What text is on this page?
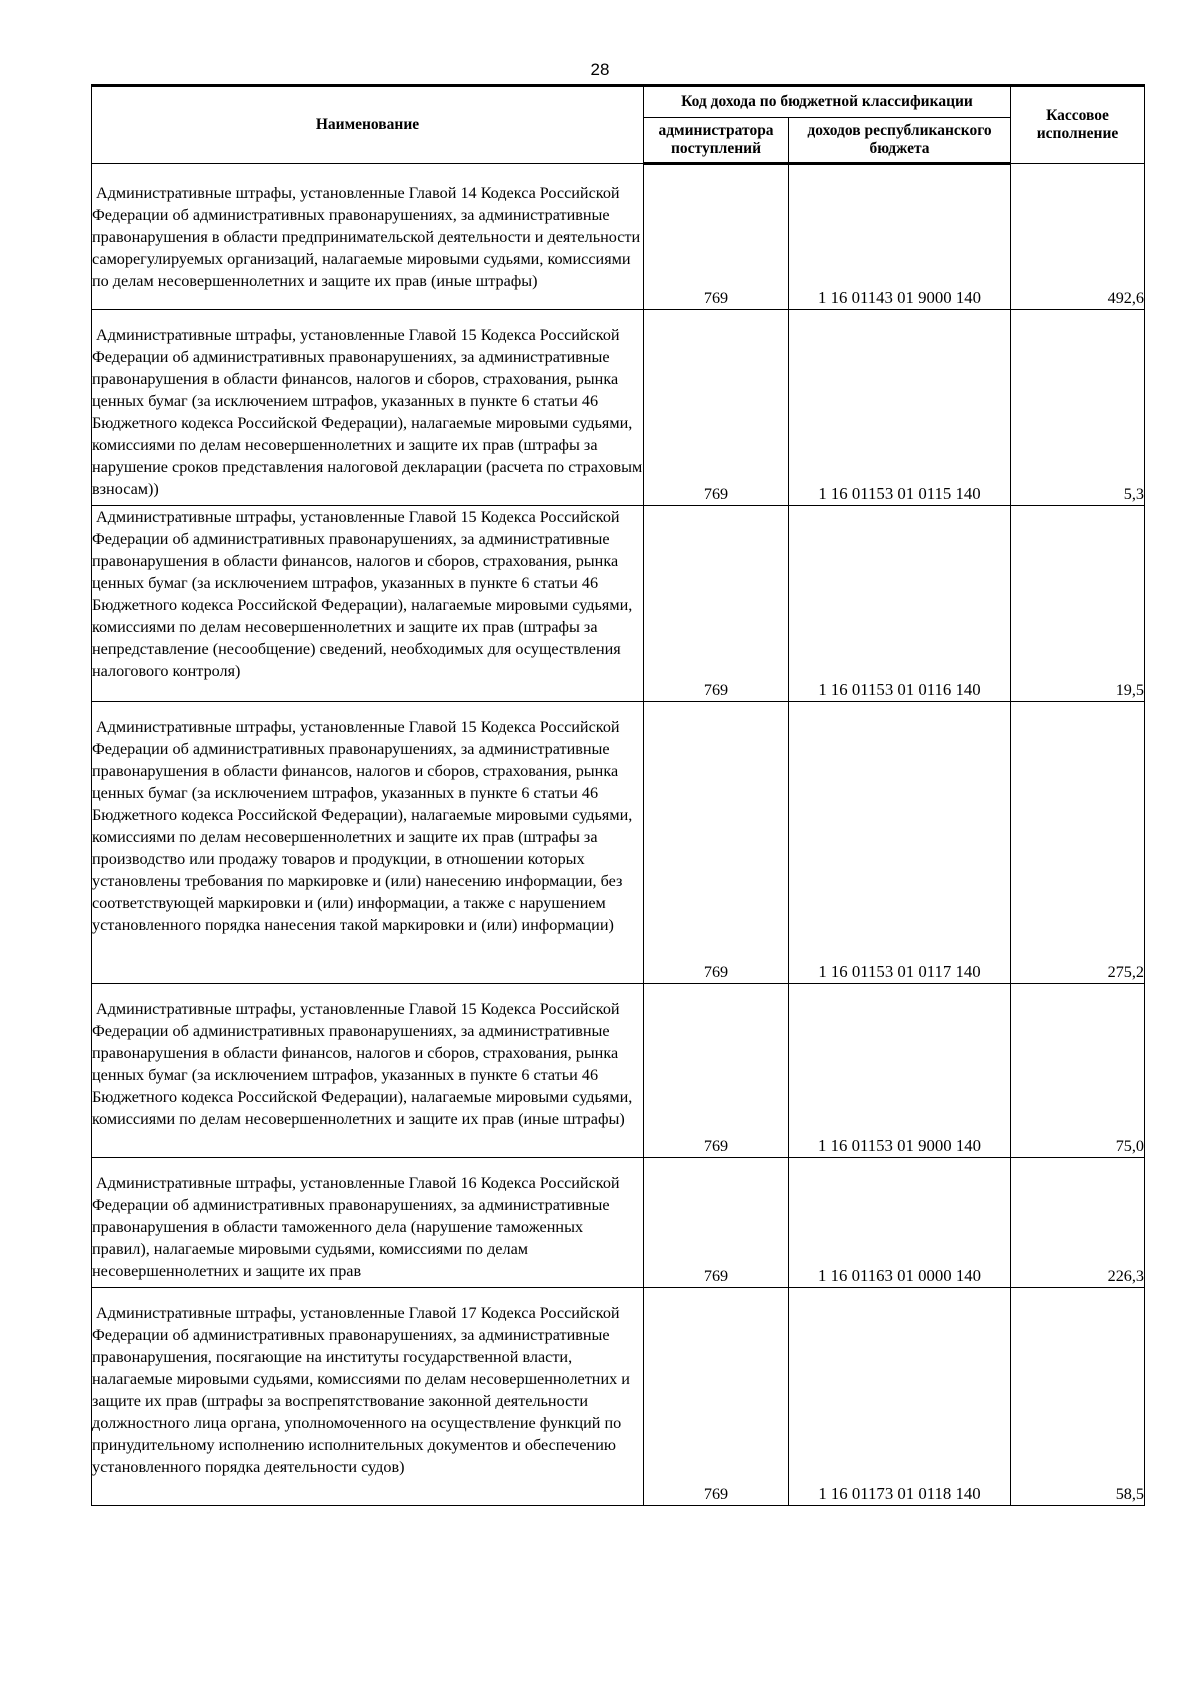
28
Наименование	Код дохода по бюджетной классификации		Кассовое исполнение
	администратора поступлений	доходов республиканского бюджета	
Административные штрафы, установленные Главой 14 Кодекса Российской Федерации об административных правонарушениях, за административные правонарушения в области предпринимательской деятельности и деятельности саморегулируемых организаций, налагаемые мировыми судьями, комиссиями по делам несовершеннолетних и защите их прав (иные штрафы)	769	1 16 01143 01 9000 140	492,6
Административные штрафы, установленные Главой 15 Кодекса Российской Федерации об административных правонарушениях, за административные правонарушения в области финансов, налогов и сборов, страхования, рынка ценных бумаг (за исключением штрафов, указанных в пункте 6 статьи 46 Бюджетного кодекса Российской Федерации), налагаемые мировыми судьями, комиссиями по делам несовершеннолетних и защите их прав (штрафы за нарушение сроков представления налоговой декларации (расчета по страховым взносам))	769	1 16 01153 01 0115 140	5,3
Административные штрафы, установленные Главой 15 Кодекса Российской Федерации об административных правонарушениях, за административные правонарушения в области финансов, налогов и сборов, страхования, рынка ценных бумаг (за исключением штрафов, указанных в пункте 6 статьи 46 Бюджетного кодекса Российской Федерации), налагаемые мировыми судьями, комиссиями по делам несовершеннолетних и защите их прав (штрафы за непредставление (несообщение) сведений, необходимых для осуществления налогового контроля)	769	1 16 01153 01 0116 140	19,5
Административные штрафы, установленные Главой 15 Кодекса Российской Федерации об административных правонарушениях, за административные правонарушения в области финансов, налогов и сборов, страхования, рынка ценных бумаг (за исключением штрафов, указанных в пункте 6 статьи 46 Бюджетного кодекса Российской Федерации), налагаемые мировыми судьями, комиссиями по делам несовершеннолетних и защите их прав (штрафы за производство или продажу товаров и продукции, в отношении которых установлены требования по маркировке и (или) нанесению информации, без соответствующей маркировки и (или) информации, а также с нарушением установленного порядка нанесения такой маркировки и (или) информации)	769	1 16 01153 01 0117 140	275,2
Административные штрафы, установленные Главой 15 Кодекса Российской Федерации об административных правонарушениях, за административные правонарушения в области финансов, налогов и сборов, страхования, рынка ценных бумаг (за исключением штрафов, указанных в пункте 6 статьи 46 Бюджетного кодекса Российской Федерации), налагаемые мировыми судьями, комиссиями по делам несовершеннолетних и защите их прав (иные штрафы)	769	1 16 01153 01 9000 140	75,0
Административные штрафы, установленные Главой 16 Кодекса Российской Федерации об административных правонарушениях, за административные правонарушения в области таможенного дела (нарушение таможенных правил), налагаемые мировыми судьями, комиссиями по делам несовершеннолетних и защите их прав	769	1 16 01163 01 0000 140	226,3
Административные штрафы, установленные Главой 17 Кодекса Российской Федерации об административных правонарушениях, за административные правонарушения, посягающие на институты государственной власти, налагаемые мировыми судьями, комиссиями по делам несовершеннолетних и защите их прав (штрафы за воспрепятствование законной деятельности должностного лица органа, уполномоченного на осуществление функций по принудительному исполнению исполнительных документов и обеспечению установленного порядка деятельности судов)	769	1 16 01173 01 0118 140	58,5
